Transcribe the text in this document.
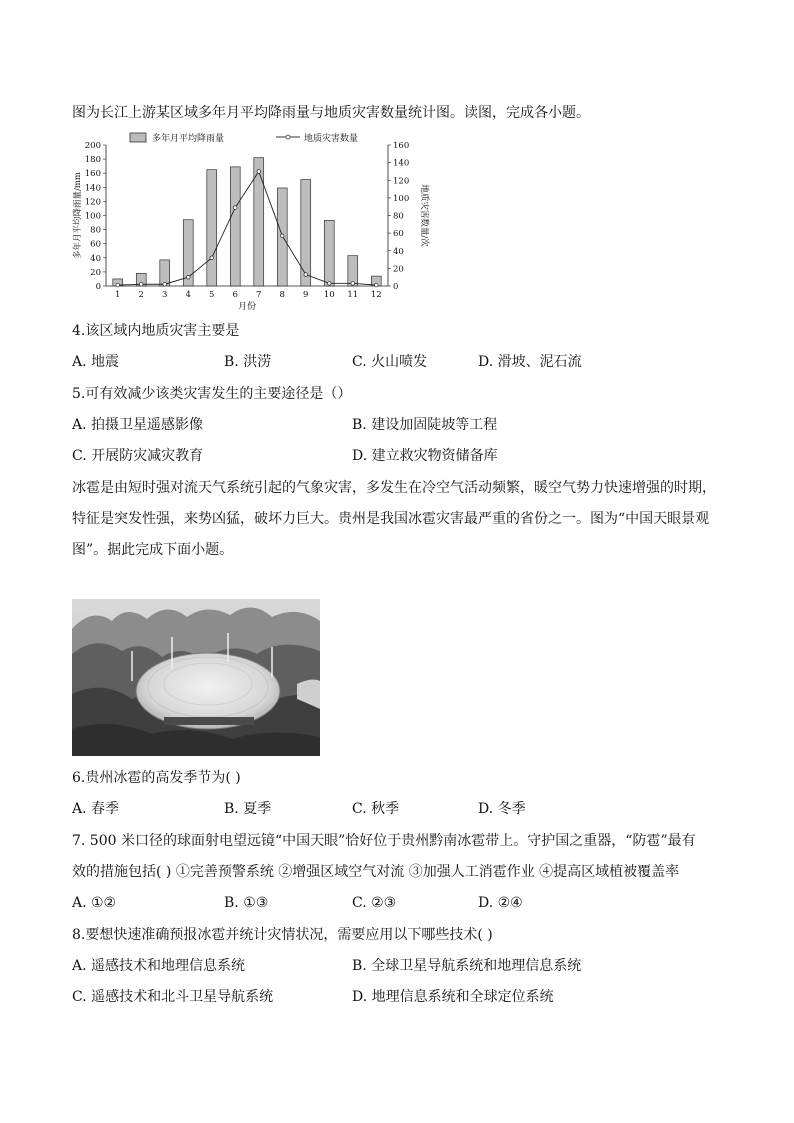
图为长江上游某区域多年月平均降雨量与地质灾害数量统计图。读图，完成各小题。
多年月平均降雨量	地质灾害数量
0
20
40
60
80
100
120
140
160
180
200
0
20
40
60
80
100
120
140
160
1 2 3 4 5 6 7 8 9 10 11 12
月份
多年月平均降雨量/mm	地质灾害数量/次
4.该区域内地质灾害主要是
A. 地震	B. 洪涝	C. 火山喷发	D. 滑坡、泥石流
5.可有效减少该类灾害发生的主要途径是（）
A. 拍摄卫星遥感影像	B. 建设加固陡坡等工程
C. 开展防灾减灾教育	D. 建立救灾物资储备库
冰雹是由短时强对流天气系统引起的气象灾害，多发生在冷空气活动频繁，暖空气势力快速增强的时期，
特征是突发性强，来势凶猛，破坏力巨大。贵州是我国冰雹灾害最严重的省份之一。图为“中国天眼景观
图”。据此完成下面小题。
6.贵州冰雹的高发季节为( )
A. 春季	B. 夏季	C. 秋季	D. 冬季
7. 500 米口径的球面射电望远镜“中国天眼”恰好位于贵州黔南冰雹带上。守护国之重器，“防雹”最有
效的措施包括( ) ①完善预警系统 ②增强区域空气对流 ③加强人工消雹作业 ④提高区域植被覆盖率
A. ①②	B. ①③	C. ②③	D. ②④
8.要想快速准确预报冰雹并统计灾情状况，需要应用以下哪些技术( )
A. 遥感技术和地理信息系统	B. 全球卫星导航系统和地理信息系统
C. 遥感技术和北斗卫星导航系统	D. 地理信息系统和全球定位系统
